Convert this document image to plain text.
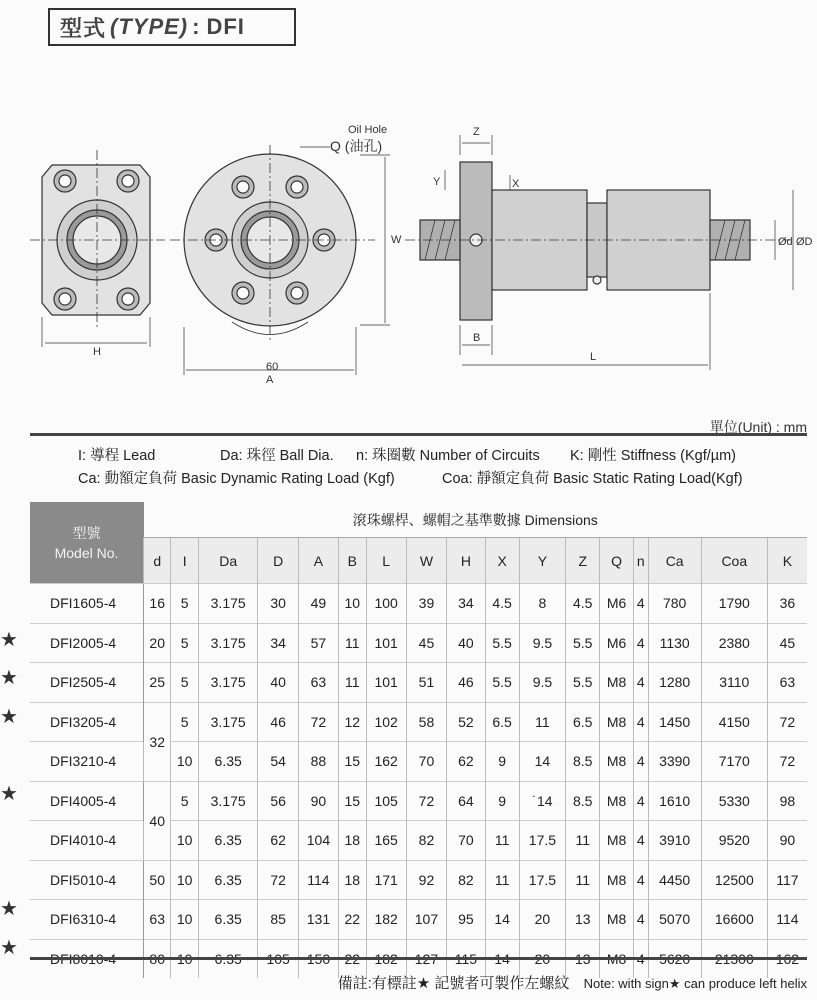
型式 (TYPE) : DFI
Oil Hole
Q (油孔)
H
W
60
A
Z
Y	X
B
L
Ød ØD
單位(Unit) : mm
I: 導程 Lead	Da: 珠徑 Ball Dia. n: 珠圈數 Number of Circuits K: 剛性 Stiffness (Kgf/µm)
Ca: 動額定負荷 Basic Dynamic Rating Load (Kgf)	Coa: 靜額定負荷 Basic Static Rating Load(Kgf)
型號
Model No.	滾珠螺桿、螺帽之基準數據 Dimensions																
	d	I	Da	D	A	B	L	W	H	X	Y	Z	Q	n	Ca	Coa	K
DFI1605-4	16	5	3.175	30	49	10	100	39	34	4.5	8	4.5	M6	4	780	1790	36
DFI2005-4	20	5	3.175	34	57	11	101	45	40	5.5	9.5	5.5	M6	4	1130	2380	45
DFI2505-4	25	5	3.175	40	63	11	101	51	46	5.5	9.5	5.5	M8	4	1280	3110	63
DFI3205-4	32	5	3.175	46	72	12	102	58	52	6.5	11	6.5	M8	4	1450	4150	72
DFI3210-4		10	6.35	54	88	15	162	70	62	9	14	8.5	M8	4	3390	7170	72
DFI4005-4	40	5	3.175	56	90	15	105	72	64	9	˙14	8.5	M8	4	1610	5330	98
DFI4010-4		10	6.35	62	104	18	165	82	70	11	17.5	11	M8	4	3910	9520	90
DFI5010-4	50	10	6.35	72	114	18	171	92	82	11	17.5	11	M8	4	4450	12500	117
DFI6310-4	63	10	6.35	85	131	22	182	107	95	14	20	13	M8	4	5070	16600	114
DFI8010-4	80	10	6.35	105	150	22	182	127	115	14	20	13	M8	4	5620	21300	162
★
★
★
★
★
★
備註:有標註★ 記號者可製作左螺紋 Note: with sign★ can produce left helix
